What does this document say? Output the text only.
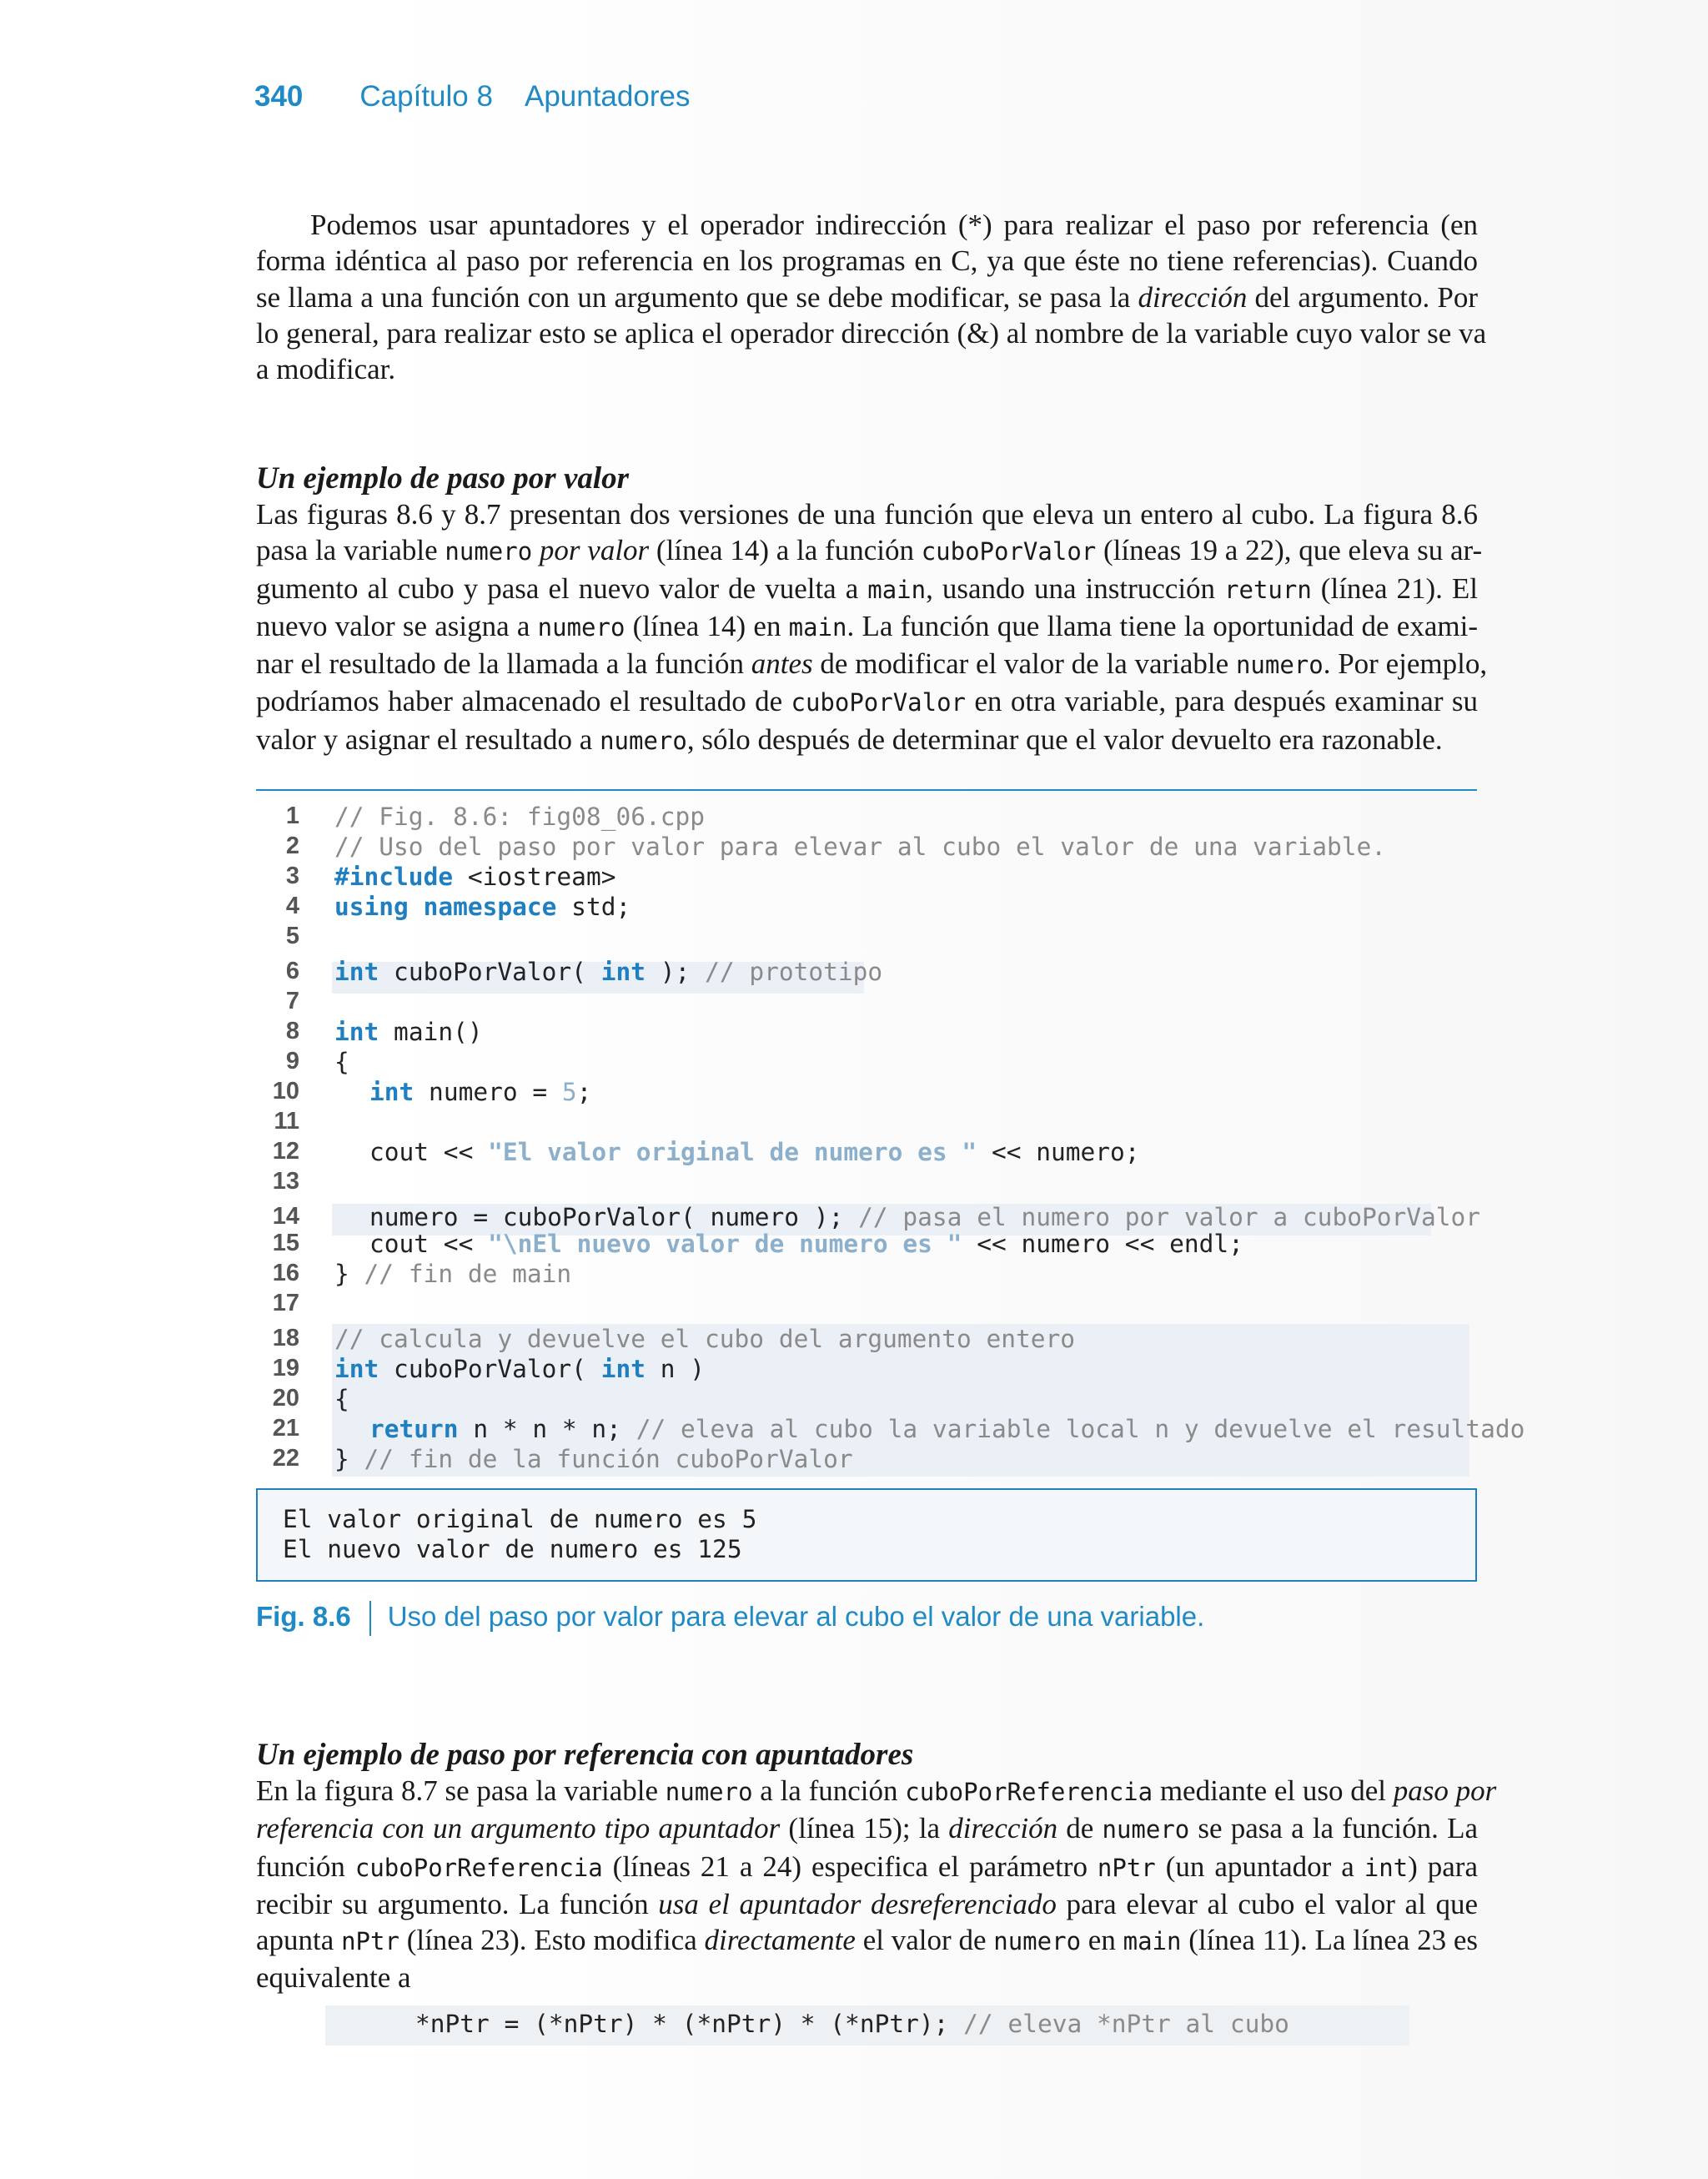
340 Capítulo 8 Apuntadores
Podemos usar apuntadores y el operador indirección (*) para realizar el paso por referencia (en
forma idéntica al paso por referencia en los programas en C, ya que éste no tiene referencias). Cuando
se llama a una función con un argumento que se debe modificar, se pasa la dirección del argumento. Por
lo general, para realizar esto se aplica el operador dirección (&) al nombre de la variable cuyo valor se va
a modificar.
Un ejemplo de paso por valor
Las figuras 8.6 y 8.7 presentan dos versiones de una función que eleva un entero al cubo. La figura 8.6
pasa la variable numero por valor (línea 14) a la función cuboPorValor (líneas 19 a 22), que eleva su ar-
gumento al cubo y pasa el nuevo valor de vuelta a main, usando una instrucción return (línea 21). El
nuevo valor se asigna a numero (línea 14) en main. La función que llama tiene la oportunidad de exami-
nar el resultado de la llamada a la función antes de modificar el valor de la variable numero. Por ejemplo,
podríamos haber almacenado el resultado de cuboPorValor en otra variable, para después examinar su
valor y asignar el resultado a numero, sólo después de determinar que el valor devuelto era razonable.
1 // Fig. 8.6: fig08_06.cpp
2 // Uso del paso por valor para elevar al cubo el valor de una variable.
3 #include <iostream>
4 using namespace std;
5
6 int cuboPorValor( int ); // prototipo
7
8 int main()
9 {
10	int numero = 5;
11
12	cout << "El valor original de numero es " << numero;
13
14	numero = cuboPorValor( numero ); // pasa el numero por valor a cuboPorValor
15	cout << "\nEl nuevo valor de numero es " << numero << endl;
16 } // fin de main
17
18 // calcula y devuelve el cubo del argumento entero
19 int cuboPorValor( int n )
20 {
21	return n * n * n; // eleva al cubo la variable local n y devuelve el resultado
22 } // fin de la función cuboPorValor
El valor original de numero es 5
El nuevo valor de numero es 125
Fig. 8.6 Uso del paso por valor para elevar al cubo el valor de una variable.
Un ejemplo de paso por referencia con apuntadores
En la figura 8.7 se pasa la variable numero a la función cuboPorReferencia mediante el uso del paso por
referencia con un argumento tipo apuntador (línea 15); la dirección de numero se pasa a la función. La
función cuboPorReferencia (líneas 21 a 24) especifica el parámetro nPtr (un apuntador a int) para
recibir su argumento. La función usa el apuntador desreferenciado para elevar al cubo el valor al que
apunta nPtr (línea 23). Esto modifica directamente el valor de numero en main (línea 11). La línea 23 es
equivalente a
*nPtr = (*nPtr) * (*nPtr) * (*nPtr); // eleva *nPtr al cubo
